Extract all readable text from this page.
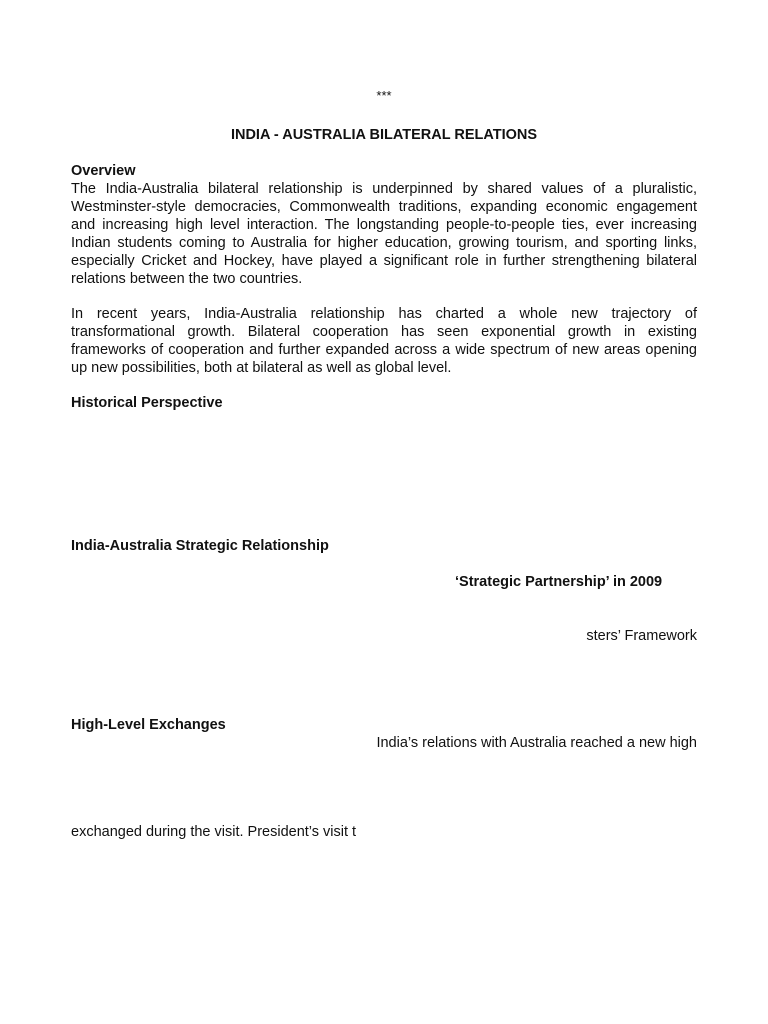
***
INDIA - AUSTRALIA BILATERAL RELATIONS
Overview

The India-Australia bilateral relationship is underpinned by shared values of a pluralistic, Westminster-style democracies, Commonwealth traditions, expanding economic engagement and increasing high level interaction. The longstanding people-to-people ties, ever increasing Indian students coming to Australia for higher education, growing tourism, and sporting links, especially Cricket and Hockey, have played a significant role in further strengthening bilateral relations between the two countries.

In recent years, India-Australia relationship has charted a whole new trajectory of transformational growth. Bilateral cooperation has seen exponential growth in existing frameworks of cooperation and further expanded across a wide spectrum of new areas opening up new possibilities, both at bilateral as well as global level.

Historical Perspective
India-Australia Strategic Relationship

‘Strategic Partnership’ in 2009

sters’ Framework

High-Level Exchanges

India’s relations with Australia reached a new high

exchanged during the visit. President’s visit t
